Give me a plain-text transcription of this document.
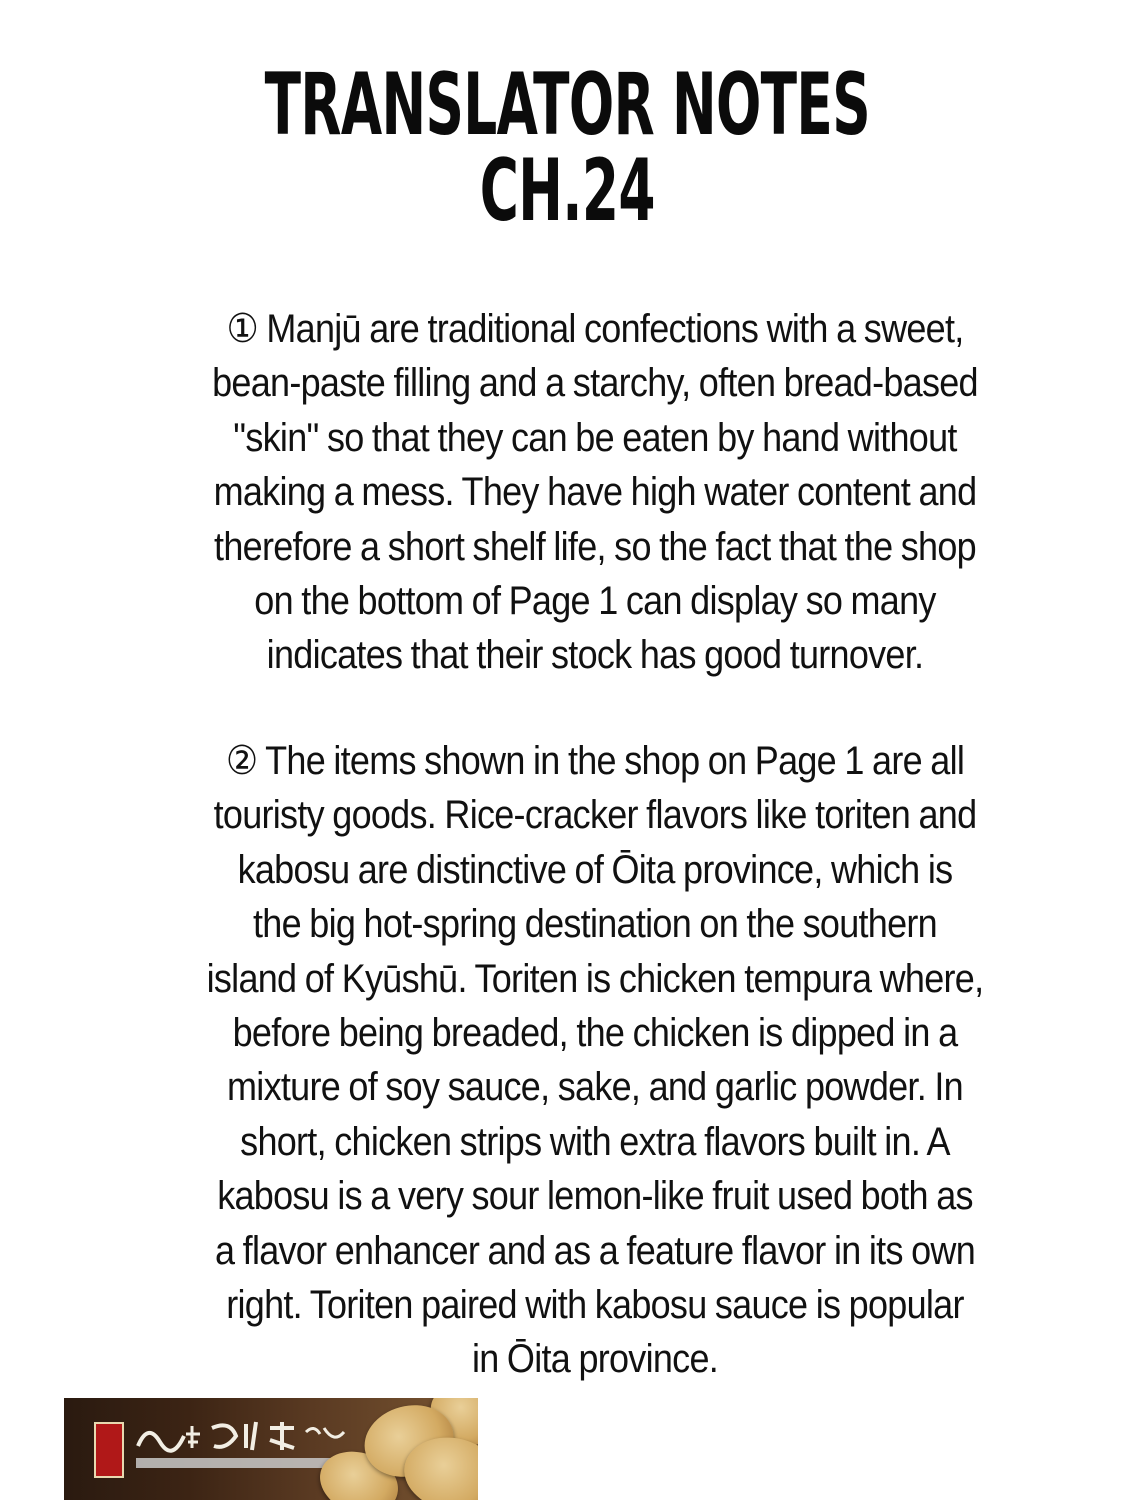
TRANSLATOR NOTES
CH.24
① Manjū are traditional confections with a sweet,
bean-paste filling and a starchy, often bread-based
"skin" so that they can be eaten by hand without
making a mess. They have high water content and
therefore a short shelf life, so the fact that the shop
on the bottom of Page 1 can display so many
indicates that their stock has good turnover.
② The items shown in the shop on Page 1 are all
touristy goods. Rice-cracker flavors like toriten and
kabosu are distinctive of Ōita province, which is
the big hot-spring destination on the southern
island of Kyūshū. Toriten is chicken tempura where,
before being breaded, the chicken is dipped in a
mixture of soy sauce, sake, and garlic powder. In
short, chicken strips with extra flavors built in. A
kabosu is a very sour lemon-like fruit used both as
a flavor enhancer and as a feature flavor in its own
right. Toriten paired with kabosu sauce is popular
in Ōita province.
